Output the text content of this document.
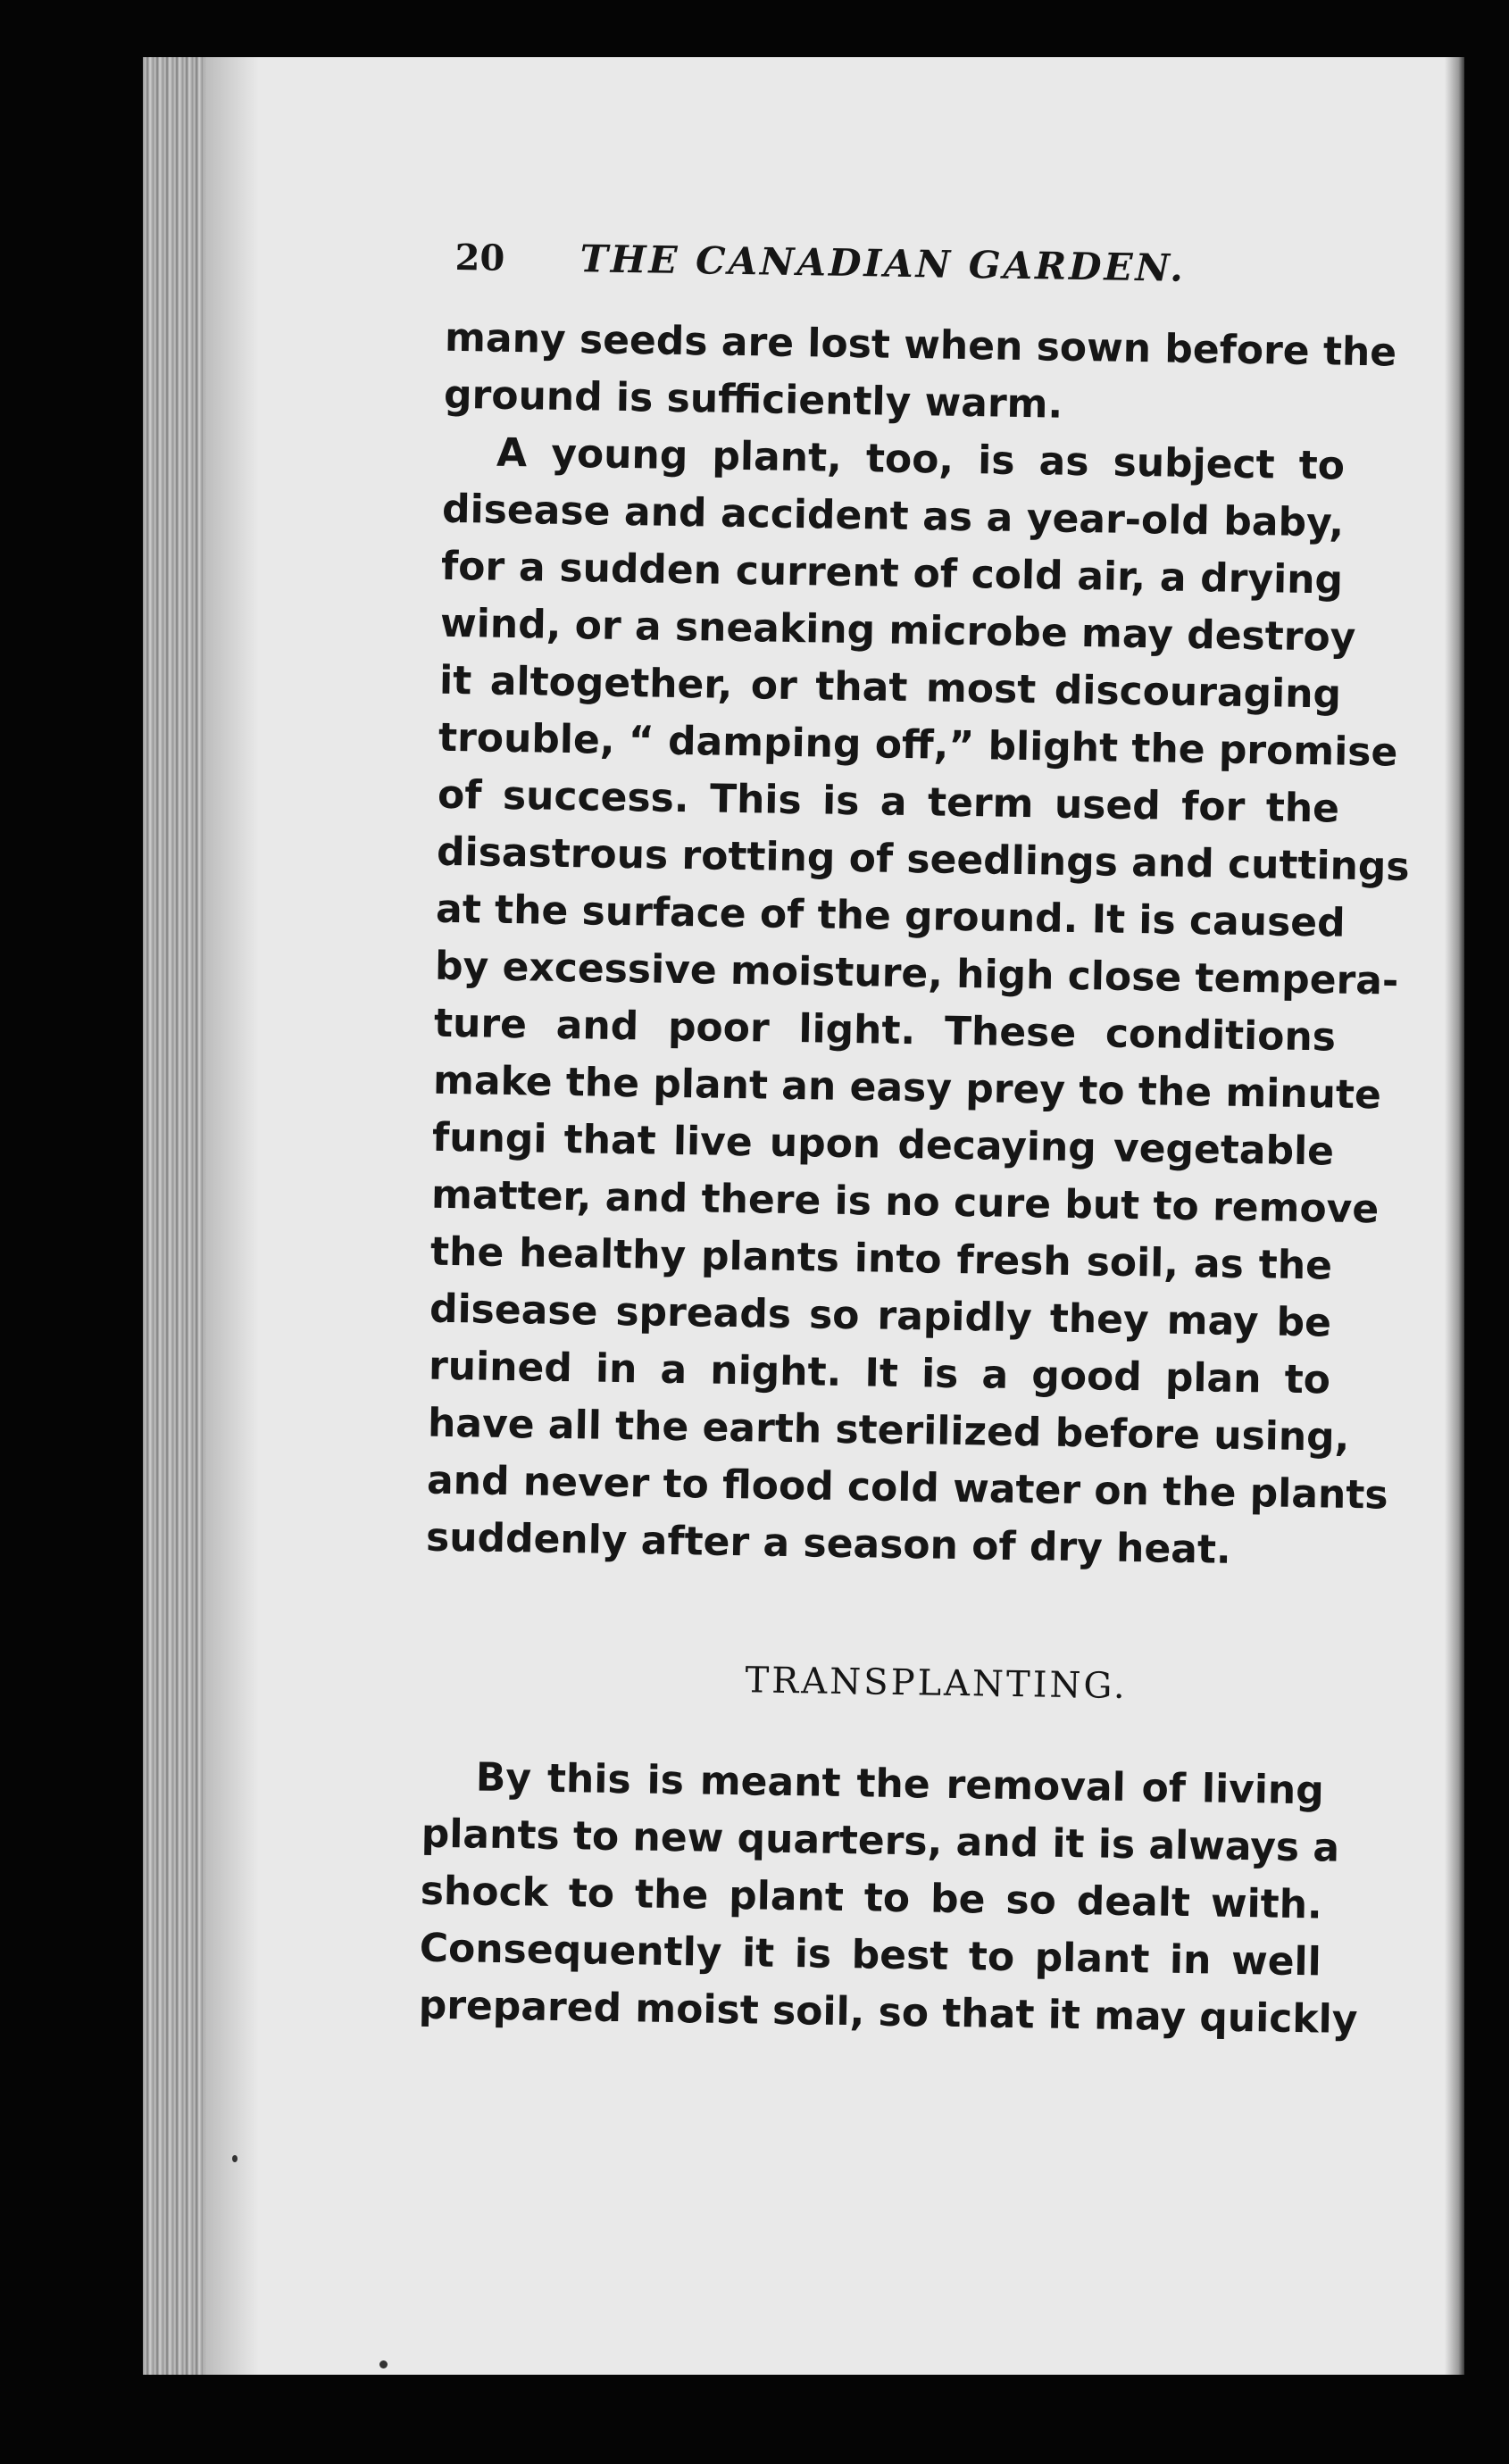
20	THE CANADIAN GARDEN.
many seeds are lost when sown before the
ground is sufficiently warm.
A young plant, too, is as subject to
disease and accident as a year-old baby,
for a sudden current of cold air, a drying
wind, or a sneaking microbe may destroy
it altogether, or that most discouraging
trouble, “ damping off,” blight the promise
of success. This is a term used for the
disastrous rotting of seedlings and cuttings
at the surface of the ground. It is caused
by excessive moisture, high close tempera-
ture and poor light. These conditions
make the plant an easy prey to the minute
fungi that live upon decaying vegetable
matter, and there is no cure but to remove
the healthy plants into fresh soil, as the
disease spreads so rapidly they may be
ruined in a night. It is a good plan to
have all the earth sterilized before using,
and never to flood cold water on the plants
suddenly after a season of dry heat.
TRANSPLANTING.
By this is meant the removal of living
plants to new quarters, and it is always a
shock to the plant to be so dealt with.
Consequently it is best to plant in well
prepared moist soil, so that it may quickly
